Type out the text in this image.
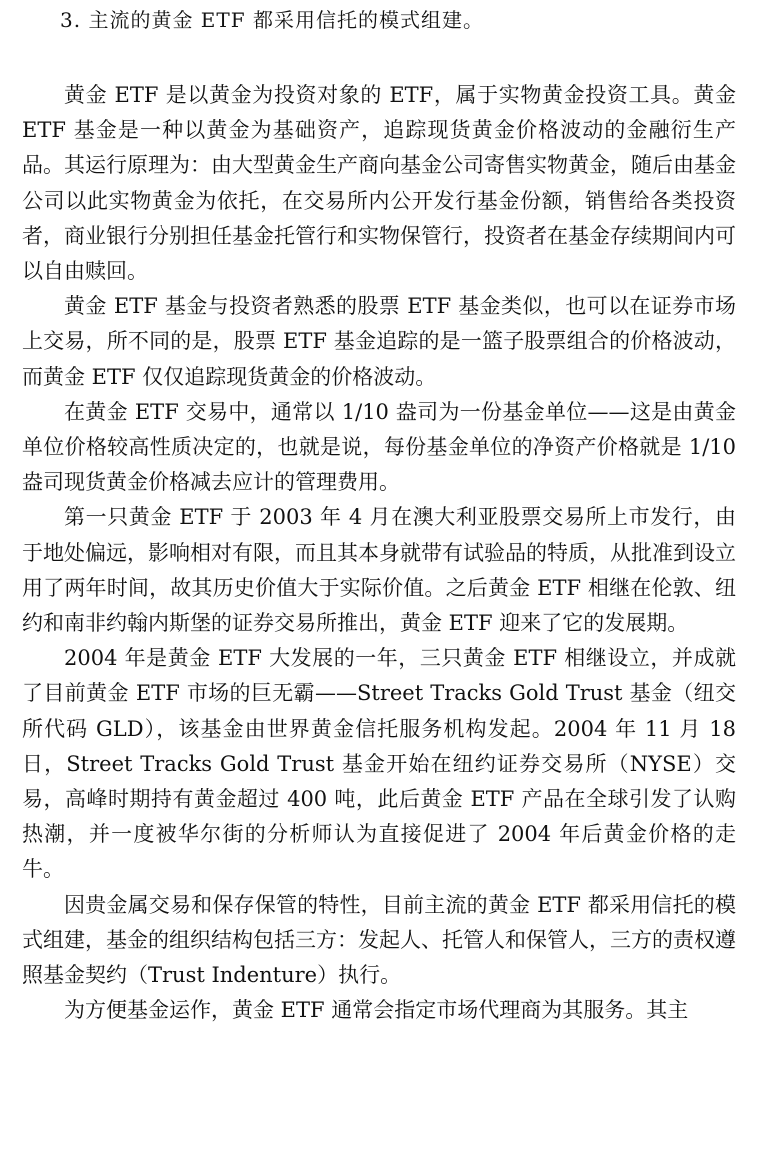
3. 主流的黄金 ETF 都采用信托的模式组建。

黄金 ETF 是以黄金为投资对象的 ETF，属于实物黄金投资工具。黄金 ETF 基金是一种以黄金为基础资产，追踪现货黄金价格波动的金融衍生产品。其运行原理为：由大型黄金生产商向基金公司寄售实物黄金，随后由基金公司以此实物黄金为依托，在交易所内公开发行基金份额，销售给各类投资者，商业银行分别担任基金托管行和实物保管行，投资者在基金存续期间内可以自由赎回。

黄金 ETF 基金与投资者熟悉的股票 ETF 基金类似，也可以在证券市场上交易，所不同的是，股票 ETF 基金追踪的是一篮子股票组合的价格波动，而黄金 ETF 仅仅追踪现货黄金的价格波动。

在黄金 ETF 交易中，通常以 1/10 盎司为一份基金单位——这是由黄金单位价格较高性质决定的，也就是说，每份基金单位的净资产价格就是 1/10 盎司现货黄金价格减去应计的管理费用。

第一只黄金 ETF 于 2003 年 4 月在澳大利亚股票交易所上市发行，由于地处偏远，影响相对有限，而且其本身就带有试验品的特质，从批准到设立用了两年时间，故其历史价值大于实际价值。之后黄金 ETF 相继在伦敦、纽约和南非约翰内斯堡的证券交易所推出，黄金 ETF 迎来了它的发展期。

2004 年是黄金 ETF 大发展的一年，三只黄金 ETF 相继设立，并成就了目前黄金 ETF 市场的巨无霸——Street Tracks Gold Trust 基金（纽交所代码 GLD），该基金由世界黄金信托服务机构发起。2004 年 11 月 18 日，Street Tracks Gold Trust 基金开始在纽约证券交易所（NYSE）交易，高峰时期持有黄金超过 400 吨，此后黄金 ETF 产品在全球引发了认购热潮，并一度被华尔街的分析师认为直接促进了 2004 年后黄金价格的走牛。

因贵金属交易和保存保管的特性，目前主流的黄金 ETF 都采用信托的模式组建，基金的组织结构包括三方：发起人、托管人和保管人，三方的责权遵照基金契约（Trust Indenture）执行。

为方便基金运作，黄金 ETF 通常会指定市场代理商为其服务。其主
